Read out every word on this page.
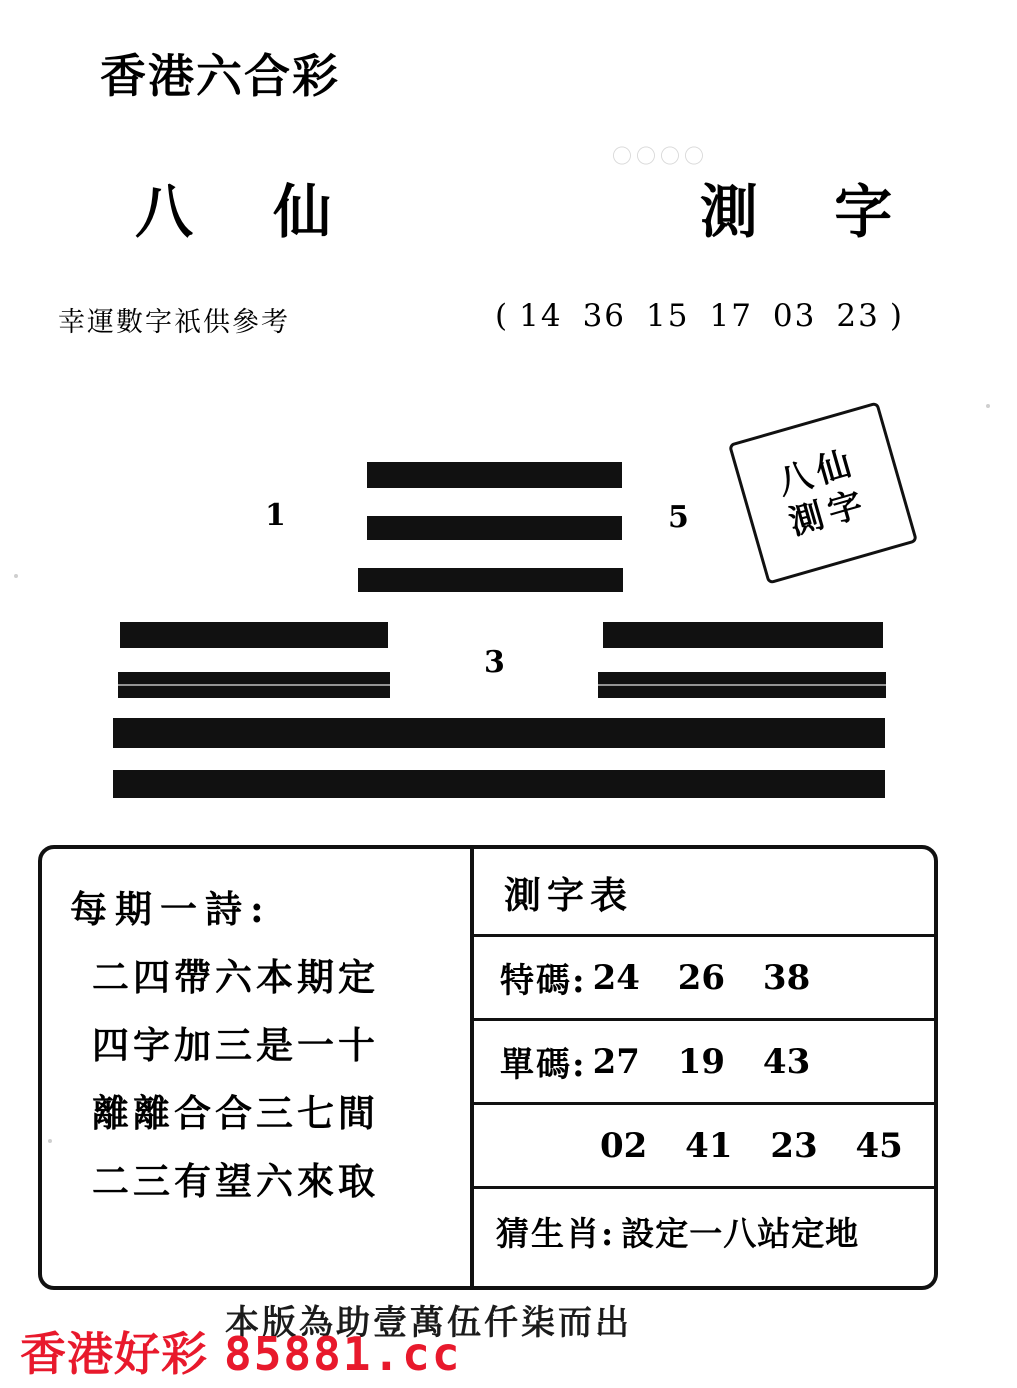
香港六合彩
〇〇〇〇
八 仙	測 字
幸運數字祇供參考	( 14 36 15 17 03 23 )
1	5
3
八仙
測字
每期一詩:
二四帶六本期定
四字加三是一十
離離合合三七間
二三有望六來取
測字表
特碼: 24 26 38
單碼: 27 19 43
02 41 23 45
猜生肖: 設定一八站定地
本版為助壹萬伍仟柒而出
香港好彩 85881.cc
